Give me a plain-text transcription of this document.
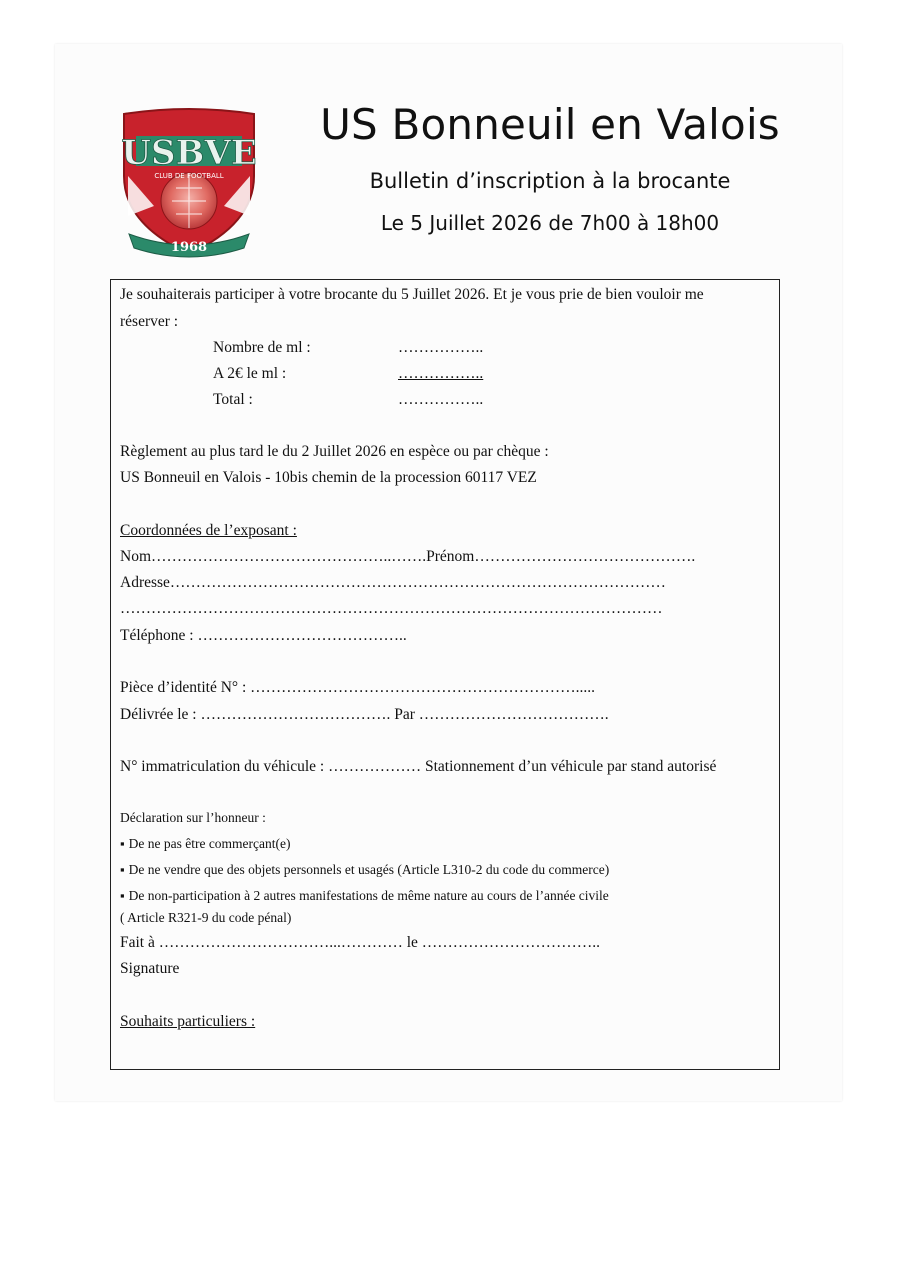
USBVE
CLUB DE FOOTBALL
1968
US Bonneuil en Valois
Bulletin d’inscription à la brocante
Le 5 Juillet 2026 de 7h00 à 18h00
Je souhaiterais participer à votre brocante du 5 Juillet 2026. Et je vous prie de bien vouloir me
réserver :
Nombre de ml :	……………..
A 2€ le ml :	……………..
Total :	……………..
Règlement au plus tard le du 2 Juillet 2026 en espèce ou par chèque :
US Bonneuil en Valois - 10bis chemin de la procession 60117 VEZ
Coordonnées de l’exposant :
Nom………………………………………..…….Prénom…………………………………….
Adresse……………………………………………………………………………………
……………………………………………………………………………………………
Téléphone : …………………………………..
Pièce d’identité N° : ……………………………………………………….....
Délivrée le : ………………………………. Par ……………………………….
N° immatriculation du véhicule : ……………… Stationnement d’un véhicule par stand autorisé
Déclaration sur l’honneur :
▪ De ne pas être commerçant(e)
▪ De ne vendre que des objets personnels et usagés (Article L310-2 du code du commerce)
▪ De non-participation à 2 autres manifestations de même nature au cours de l’année civile
( Article R321-9 du code pénal)
Fait à ……………………………...………… le ……………………………..
Signature
Souhaits particuliers :
